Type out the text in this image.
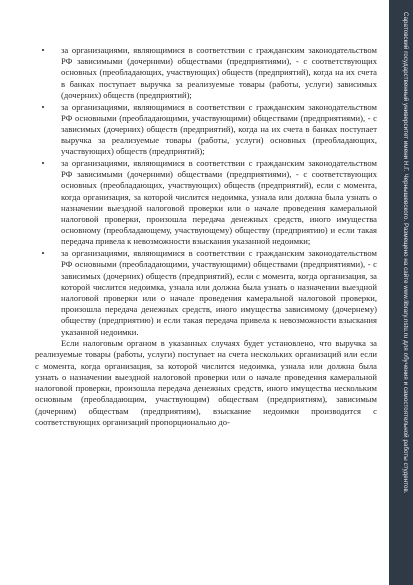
•	за организациями, являющимися в соответствии с гражданским законодательством РФ зависимыми (дочерними) обществами (предприятиями), - с соответствующих основных (преобладающих, участвующих) обществ (предприятий), когда на их счета в банках поступает выручка за реализуемые товары (работы, услуги) зависимых (дочерних) обществ (предприятий);
•	за организациями, являющимися в соответствии с гражданским законодательством РФ основными (преобладающими, участвующими) обществами (предприятиями), - с зависимых (дочерних) обществ (предприятий), когда на их счета в банках поступает выручка за реализуемые товары (работы, услуги) основных (преобладающих, участвующих) обществ (предприятий);
•	за организациями, являющимися в соответствии с гражданским законодательством РФ зависимыми (дочерними) обществами (предприятиями), - с соответствующих основных (преобладающих, участвующих) обществ (предприятий), если с момента, когда организация, за которой числится недоимка, узнала или должна была узнать о назначении выездной налоговой проверки или о начале проведения камеральной налоговой проверки, произошла передача денежных средств, иного имущества основному (преобладающему, участвующему) обществу (предприятию) и если такая передача привела к невозможности взыскания указанной недоимки;
•	за организациями, являющимися в соответствии с гражданским законодательством РФ основными (преобладающими, участвующими) обществами (предприятиями), - с зависимых (дочерних) обществ (предприятий), если с момента, когда организация, за которой числится недоимка, узнала или должна была узнать о назначении выездной налоговой проверки или о начале проведения камеральной налоговой проверки, произошла передача денежных средств, иного имущества зависимому (дочернему) обществу (предприятию) и если такая передача привела к невозможности взыскания указанной недоимки.

Если налоговым органом в указанных случаях будет установлено, что выручка за реализуемые товары (работы, услуги) поступает на счета нескольких организаций или если с момента, когда организация, за которой числится недоимка, узнала или должна была узнать о назначении выездной налоговой проверки или о начале проведения камеральной налоговой проверки, произошла передача денежных средств, иного имущества нескольким основным (преобладающим, участвующим) обществам (предприятиям), зависимым (дочерним) обществам (предприятиям), взыскание недоимки производится с соответствующих организаций пропорционально до-	Саратовский государственный университет имени Н.Г. Чернышевского. Размещено на сайте www.library.nstu.ru для обучения и самостоятельной работы студентов.
